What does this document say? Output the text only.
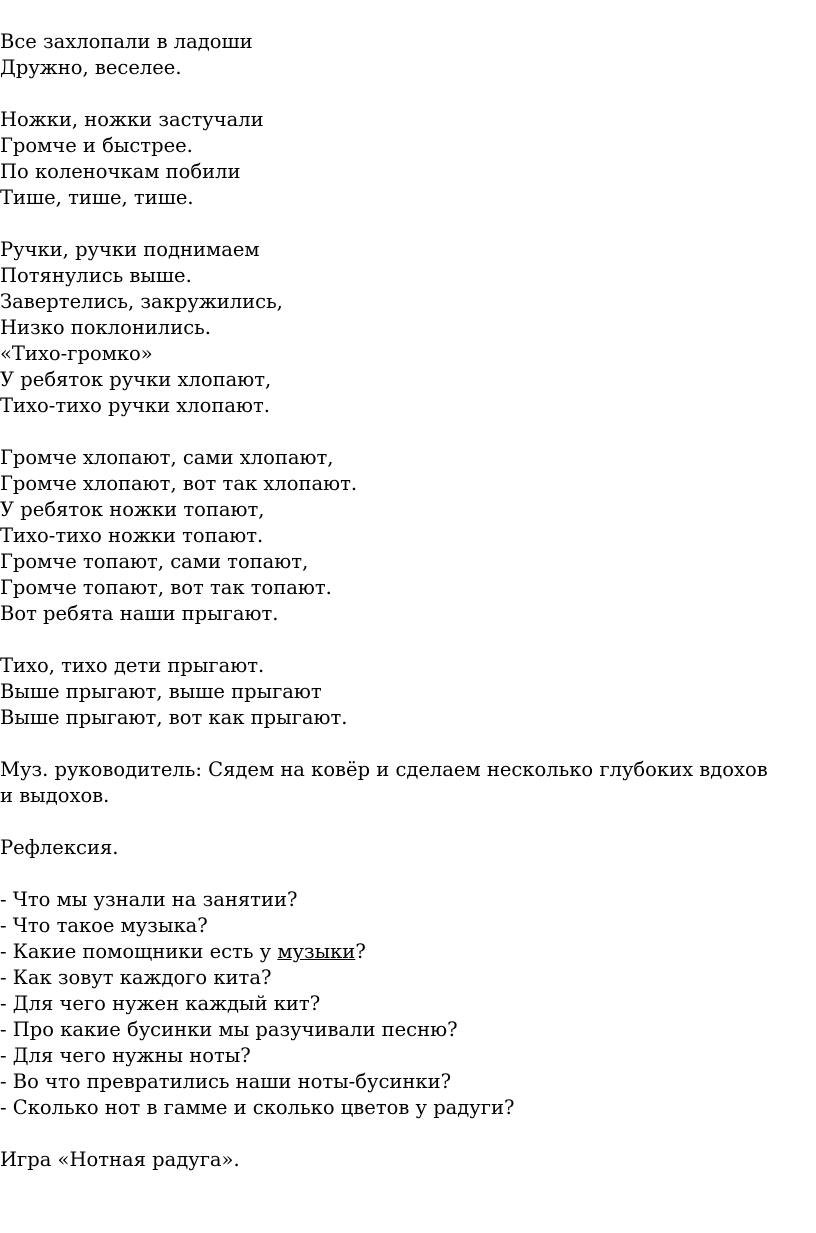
Все захлопали в ладоши
Дружно, веселее.
Ножки, ножки застучали
Громче и быстрее.
По коленочкам побили
Тише, тише, тише.
Ручки, ручки поднимаем
Потянулись выше.
Завертелись, закружились,
Низко поклонились.
«Тихо-громко»
У ребяток ручки хлопают,
Тихо-тихо ручки хлопают.
Громче хлопают, сами хлопают,
Громче хлопают, вот так хлопают.
У ребяток ножки топают,
Тихо-тихо ножки топают.
Громче топают, сами топают,
Громче топают, вот так топают.
Вот ребята наши прыгают.
Тихо, тихо дети прыгают.
Выше прыгают, выше прыгают
Выше прыгают, вот как прыгают.
Муз. руководитель: Сядем на ковёр и сделаем несколько глубоких вдохов
и выдохов.
Рефлексия.
- Что мы узнали на занятии?
- Что такое музыка?
- Какие помощники есть у музыки?
- Как зовут каждого кита?
- Для чего нужен каждый кит?
- Про какие бусинки мы разучивали песню?
- Для чего нужны ноты?
- Во что превратились наши ноты-бусинки?
- Сколько нот в гамме и сколько цветов у радуги?
Игра «Нотная радуга».
